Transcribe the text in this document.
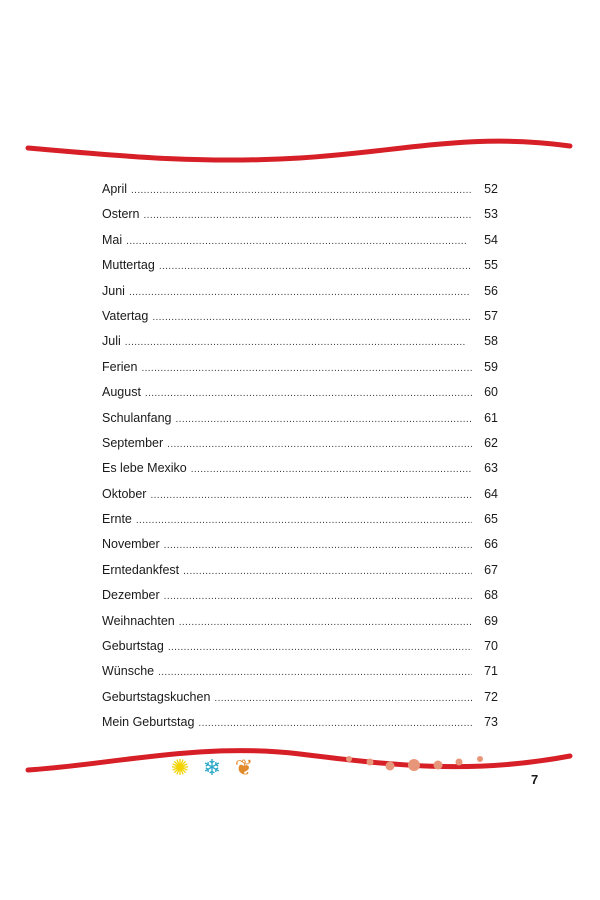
April . . .	52
Ostern . . .	53
Mai . . .	54
Muttertag . . .	55
Juni . . .	56
Vatertag . . .	57
Juli . . .	58
Ferien . . .	59
August . . .	60
Schulanfang . . .	61
September . . .	62
Es lebe Mexiko . . .	63
Oktober . . .	64
Ernte . . .	65
November . . .	66
Erntedankfest . . .	67
Dezember . . .	68
Weihnachten . . .	69
Geburtstag . . .	70
Wünsche . . .	71
Geburtstagskuchen . . .	72
Mein Geburtstag . . .	73
✺ ❄ ❦	7
